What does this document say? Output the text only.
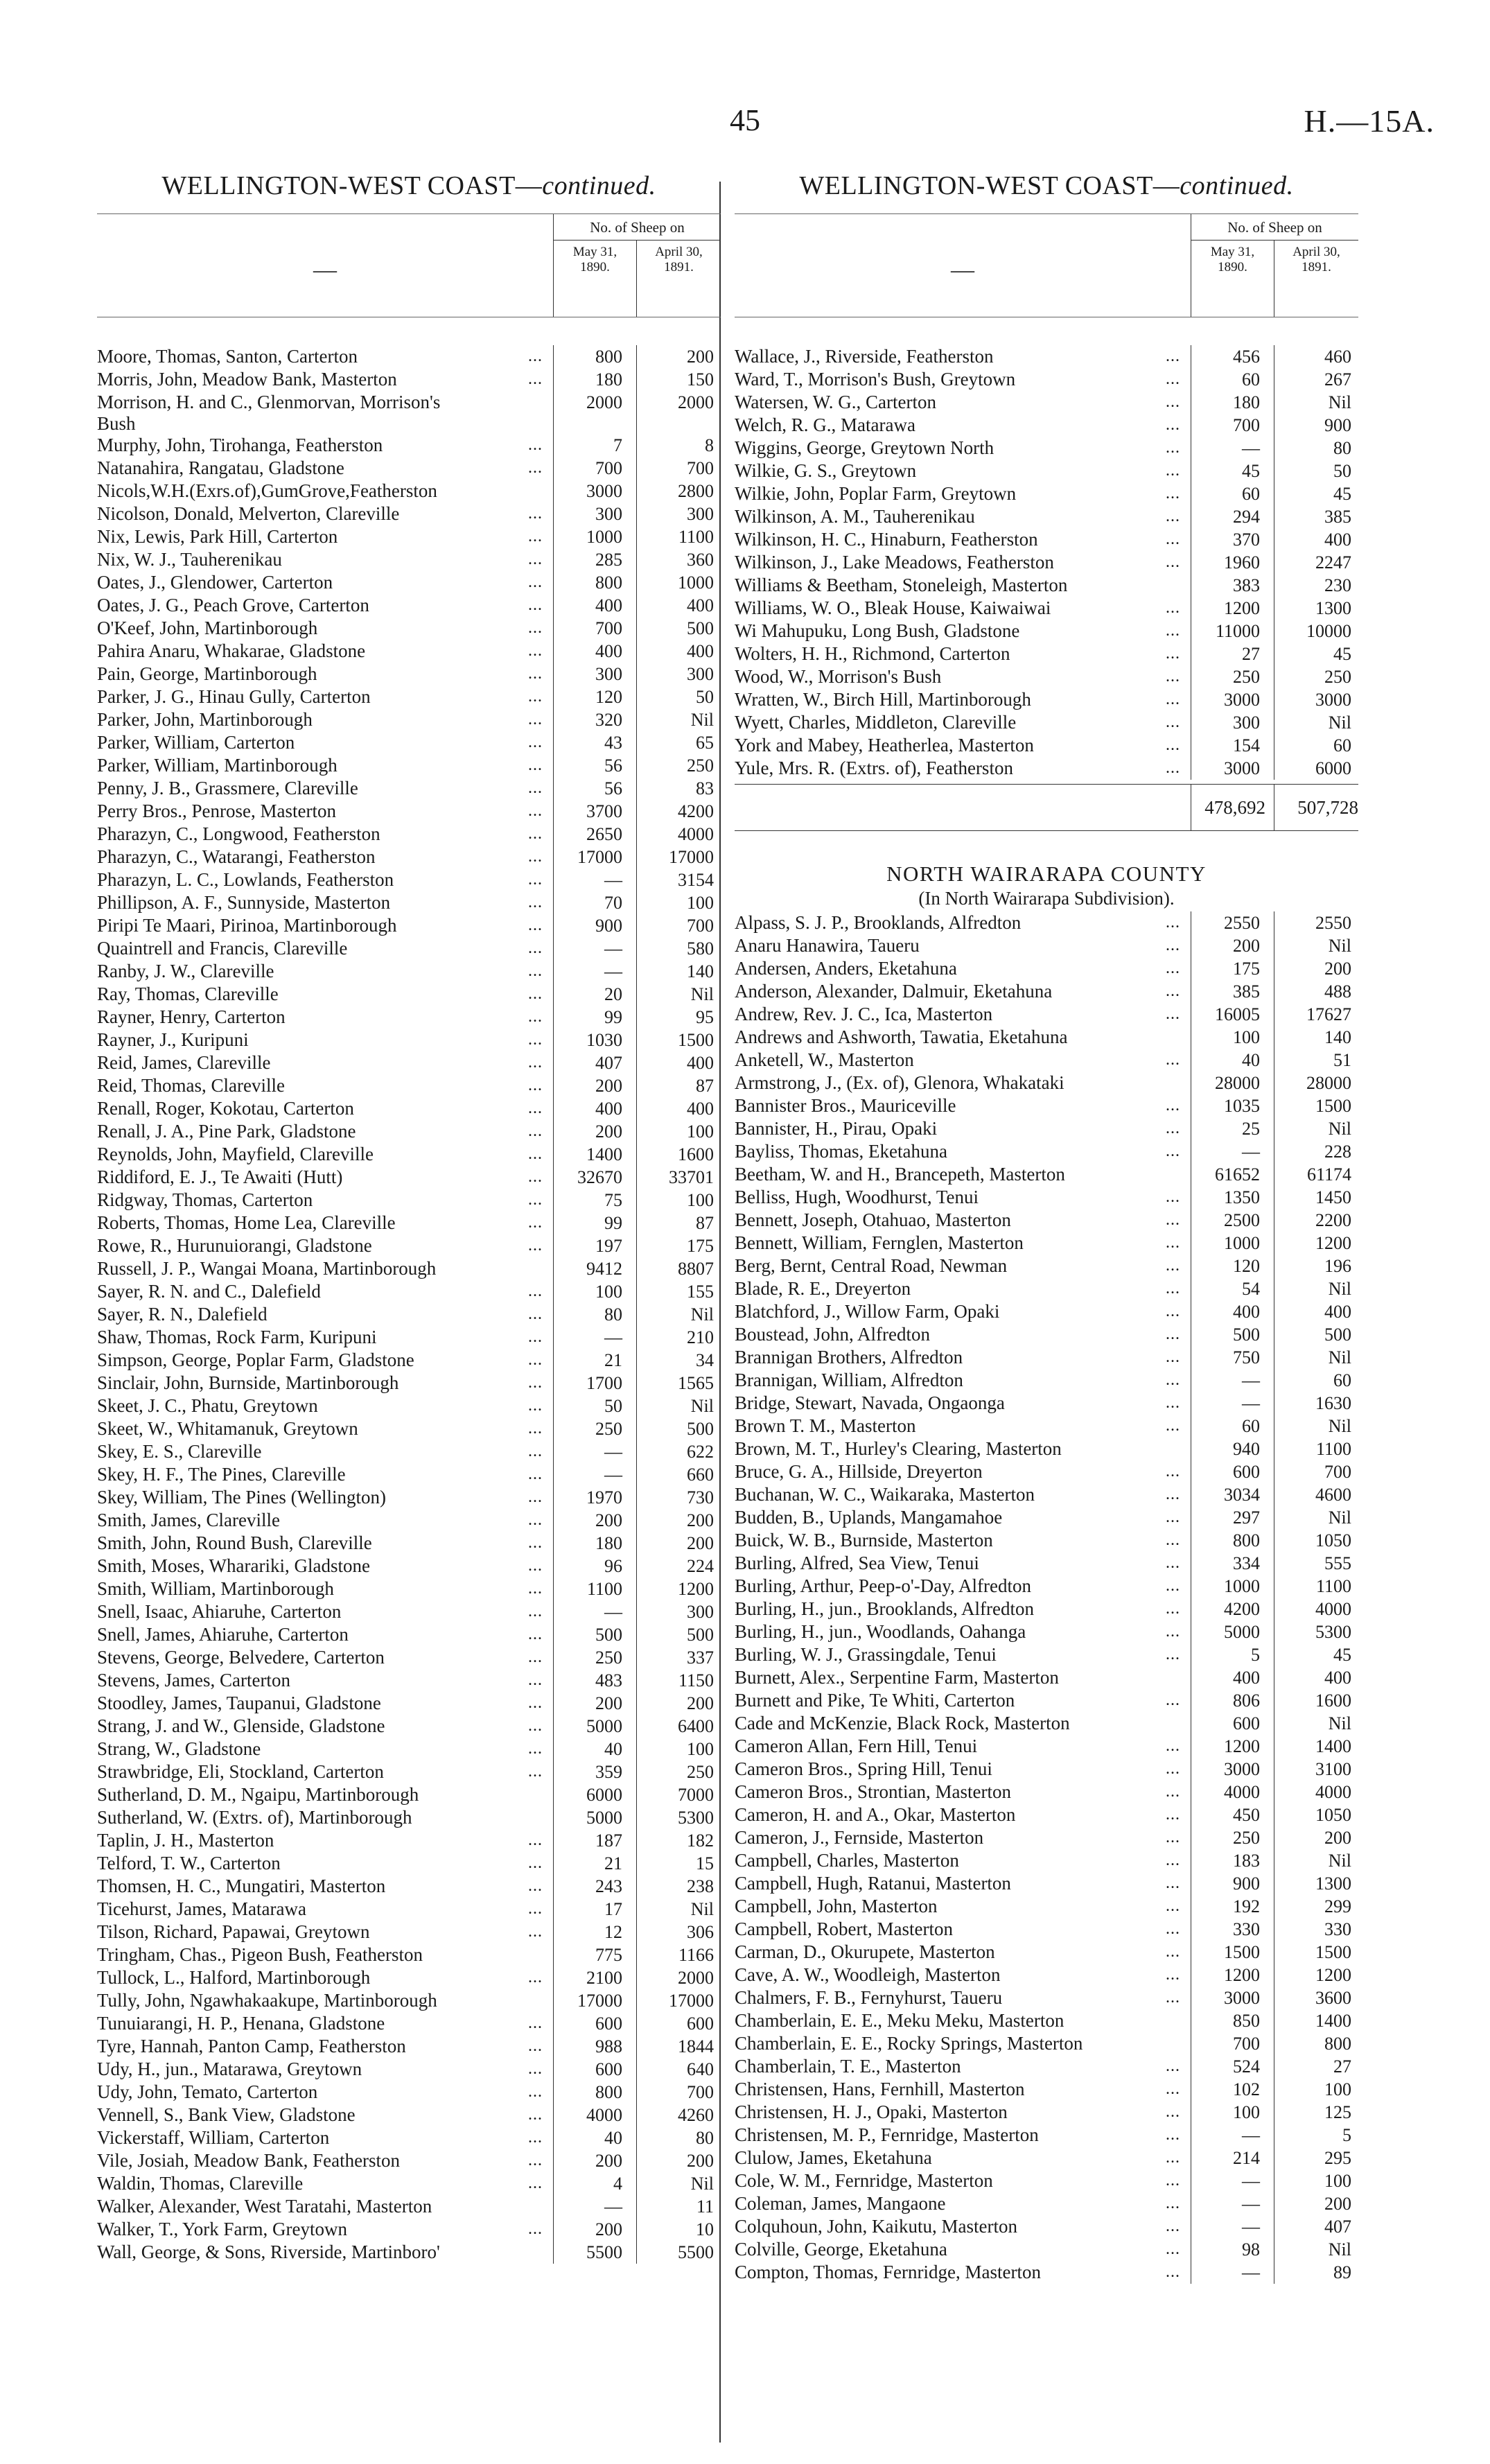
45	H.—15A.
WELLINGTON-WEST COAST—continued.
—
No. of Sheep on
May 31,
1890.
April 30,
1891.
Moore, Thomas, Santon, Carterton	...	800	200
Morris, John, Meadow Bank, Masterton	...	180	150
Morrison, H. and C., Glenmorvan, Morrison's	2000	2000
Bush
Murphy, John, Tirohanga, Featherston	...	7	8
Natanahira, Rangatau, Gladstone	...	700	700
Nicols,W.H.(Exrs.of),GumGrove,Featherston	3000	2800
Nicolson, Donald, Melverton, Clareville	...	300	300
Nix, Lewis, Park Hill, Carterton	...	1000	1100
Nix, W. J., Tauherenikau	...	285	360
Oates, J., Glendower, Carterton	...	800	1000
Oates, J. G., Peach Grove, Carterton	...	400	400
O'Keef, John, Martinborough	...	700	500
Pahira Anaru, Whakarae, Gladstone	...	400	400
Pain, George, Martinborough	...	300	300
Parker, J. G., Hinau Gully, Carterton	...	120	50
Parker, John, Martinborough	...	320	Nil
Parker, William, Carterton	...	43	65
Parker, William, Martinborough	...	56	250
Penny, J. B., Grassmere, Clareville	...	56	83
Perry Bros., Penrose, Masterton	...	3700	4200
Pharazyn, C., Longwood, Featherston	...	2650	4000
Pharazyn, C., Watarangi, Featherston	...	17000	17000
Pharazyn, L. C., Lowlands, Featherston	...	—	3154
Phillipson, A. F., Sunnyside, Masterton	...	70	100
Piripi Te Maari, Pirinoa, Martinborough	...	900	700
Quaintrell and Francis, Clareville	...	—	580
Ranby, J. W., Clareville	...	—	140
Ray, Thomas, Clareville	...	20	Nil
Rayner, Henry, Carterton	...	99	95
Rayner, J., Kuripuni	...	1030	1500
Reid, James, Clareville	...	407	400
Reid, Thomas, Clareville	...	200	87
Renall, Roger, Kokotau, Carterton	...	400	400
Renall, J. A., Pine Park, Gladstone	...	200	100
Reynolds, John, Mayfield, Clareville	...	1400	1600
Riddiford, E. J., Te Awaiti (Hutt)	...	32670	33701
Ridgway, Thomas, Carterton	...	75	100
Roberts, Thomas, Home Lea, Clareville	...	99	87
Rowe, R., Hurunuiorangi, Gladstone	...	197	175
Russell, J. P., Wangai Moana, Martinborough	9412	8807
Sayer, R. N. and C., Dalefield	...	100	155
Sayer, R. N., Dalefield	...	80	Nil
Shaw, Thomas, Rock Farm, Kuripuni	...	—	210
Simpson, George, Poplar Farm, Gladstone	...	21	34
Sinclair, John, Burnside, Martinborough	...	1700	1565
Skeet, J. C., Phatu, Greytown	...	50	Nil
Skeet, W., Whitamanuk, Greytown	...	250	500
Skey, E. S., Clareville	...	—	622
Skey, H. F., The Pines, Clareville	...	—	660
Skey, William, The Pines (Wellington)	...	1970	730
Smith, James, Clareville	...	200	200
Smith, John, Round Bush, Clareville	...	180	200
Smith, Moses, Wharariki, Gladstone	...	96	224
Smith, William, Martinborough	...	1100	1200
Snell, Isaac, Ahiaruhe, Carterton	...	—	300
Snell, James, Ahiaruhe, Carterton	...	500	500
Stevens, George, Belvedere, Carterton	...	250	337
Stevens, James, Carterton	...	483	1150
Stoodley, James, Taupanui, Gladstone	...	200	200
Strang, J. and W., Glenside, Gladstone	...	5000	6400
Strang, W., Gladstone	...	40	100
Strawbridge, Eli, Stockland, Carterton	...	359	250
Sutherland, D. M., Ngaipu, Martinborough	6000	7000
Sutherland, W. (Extrs. of), Martinborough	5000	5300
Taplin, J. H., Masterton	...	187	182
Telford, T. W., Carterton	...	21	15
Thomsen, H. C., Mungatiri, Masterton	...	243	238
Ticehurst, James, Matarawa	...	17	Nil
Tilson, Richard, Papawai, Greytown	...	12	306
Tringham, Chas., Pigeon Bush, Featherston	775	1166
Tullock, L., Halford, Martinborough	...	2100	2000
Tully, John, Ngawhakaakupe, Martinborough	17000	17000
Tunuiarangi, H. P., Henana, Gladstone	...	600	600
Tyre, Hannah, Panton Camp, Featherston	...	988	1844
Udy, H., jun., Matarawa, Greytown	...	600	640
Udy, John, Temato, Carterton	...	800	700
Vennell, S., Bank View, Gladstone	...	4000	4260
Vickerstaff, William, Carterton	...	40	80
Vile, Josiah, Meadow Bank, Featherston	...	200	200
Waldin, Thomas, Clareville	...	4	Nil
Walker, Alexander, West Taratahi, Masterton	—	11
Walker, T., York Farm, Greytown	...	200	10
Wall, George, & Sons, Riverside, Martinboro'	5500	5500
WELLINGTON-WEST COAST—continued.
—
No. of Sheep on
May 31,
1890.
April 30,
1891.
Wallace, J., Riverside, Featherston	...	456	460
Ward, T., Morrison's Bush, Greytown	...	60	267
Watersen, W. G., Carterton	...	180	Nil
Welch, R. G., Matarawa	...	700	900
Wiggins, George, Greytown North	...	—	80
Wilkie, G. S., Greytown	...	45	50
Wilkie, John, Poplar Farm, Greytown	...	60	45
Wilkinson, A. M., Tauherenikau	...	294	385
Wilkinson, H. C., Hinaburn, Featherston	...	370	400
Wilkinson, J., Lake Meadows, Featherston	...	1960	2247
Williams & Beetham, Stoneleigh, Masterton	383	230
Williams, W. O., Bleak House, Kaiwaiwai	...	1200	1300
Wi Mahupuku, Long Bush, Gladstone	...	11000	10000
Wolters, H. H., Richmond, Carterton	...	27	45
Wood, W., Morrison's Bush	...	250	250
Wratten, W., Birch Hill, Martinborough	...	3000	3000
Wyett, Charles, Middleton, Clareville	...	300	Nil
York and Mabey, Heatherlea, Masterton	...	154	60
Yule, Mrs. R. (Extrs. of), Featherston	...	3000	6000
478,692	507,728
NORTH WAIRARAPA COUNTY
(In North Wairarapa Subdivision).
Alpass, S. J. P., Brooklands, Alfredton	...	2550	2550
Anaru Hanawira, Taueru	...	200	Nil
Andersen, Anders, Eketahuna	...	175	200
Anderson, Alexander, Dalmuir, Eketahuna	...	385	488
Andrew, Rev. J. C., Ica, Masterton	...	16005	17627
Andrews and Ashworth, Tawatia, Eketahuna	100	140
Anketell, W., Masterton	...	40	51
Armstrong, J., (Ex. of), Glenora, Whakataki	28000	28000
Bannister Bros., Mauriceville	...	1035	1500
Bannister, H., Pirau, Opaki	...	25	Nil
Bayliss, Thomas, Eketahuna	...	—	228
Beetham, W. and H., Brancepeth, Masterton	61652	61174
Belliss, Hugh, Woodhurst, Tenui	...	1350	1450
Bennett, Joseph, Otahuao, Masterton	...	2500	2200
Bennett, William, Fernglen, Masterton	...	1000	1200
Berg, Bernt, Central Road, Newman	...	120	196
Blade, R. E., Dreyerton	...	54	Nil
Blatchford, J., Willow Farm, Opaki	...	400	400
Boustead, John, Alfredton	...	500	500
Brannigan Brothers, Alfredton	...	750	Nil
Brannigan, William, Alfredton	...	—	60
Bridge, Stewart, Navada, Ongaonga	...	—	1630
Brown T. M., Masterton	...	60	Nil
Brown, M. T., Hurley's Clearing, Masterton	940	1100
Bruce, G. A., Hillside, Dreyerton	...	600	700
Buchanan, W. C., Waikaraka, Masterton	...	3034	4600
Budden, B., Uplands, Mangamahoe	...	297	Nil
Buick, W. B., Burnside, Masterton	...	800	1050
Burling, Alfred, Sea View, Tenui	...	334	555
Burling, Arthur, Peep-o'-Day, Alfredton	...	1000	1100
Burling, H., jun., Brooklands, Alfredton	...	4200	4000
Burling, H., jun., Woodlands, Oahanga	...	5000	5300
Burling, W. J., Grassingdale, Tenui	...	5	45
Burnett, Alex., Serpentine Farm, Masterton	400	400
Burnett and Pike, Te Whiti, Carterton	...	806	1600
Cade and McKenzie, Black Rock, Masterton	600	Nil
Cameron Allan, Fern Hill, Tenui	...	1200	1400
Cameron Bros., Spring Hill, Tenui	...	3000	3100
Cameron Bros., Strontian, Masterton	...	4000	4000
Cameron, H. and A., Okar, Masterton	...	450	1050
Cameron, J., Fernside, Masterton	...	250	200
Campbell, Charles, Masterton	...	183	Nil
Campbell, Hugh, Ratanui, Masterton	...	900	1300
Campbell, John, Masterton	...	192	299
Campbell, Robert, Masterton	...	330	330
Carman, D., Okurupete, Masterton	...	1500	1500
Cave, A. W., Woodleigh, Masterton	...	1200	1200
Chalmers, F. B., Fernyhurst, Taueru	...	3000	3600
Chamberlain, E. E., Meku Meku, Masterton	850	1400
Chamberlain, E. E., Rocky Springs, Masterton	700	800
Chamberlain, T. E., Masterton	...	524	27
Christensen, Hans, Fernhill, Masterton	...	102	100
Christensen, H. J., Opaki, Masterton	...	100	125
Christensen, M. P., Fernridge, Masterton	...	—	5
Clulow, James, Eketahuna	...	214	295
Cole, W. M., Fernridge, Masterton	...	—	100
Coleman, James, Mangaone	...	—	200
Colquhoun, John, Kaikutu, Masterton	...	—	407
Colville, George, Eketahuna	...	98	Nil
Compton, Thomas, Fernridge, Masterton	...	—	89
